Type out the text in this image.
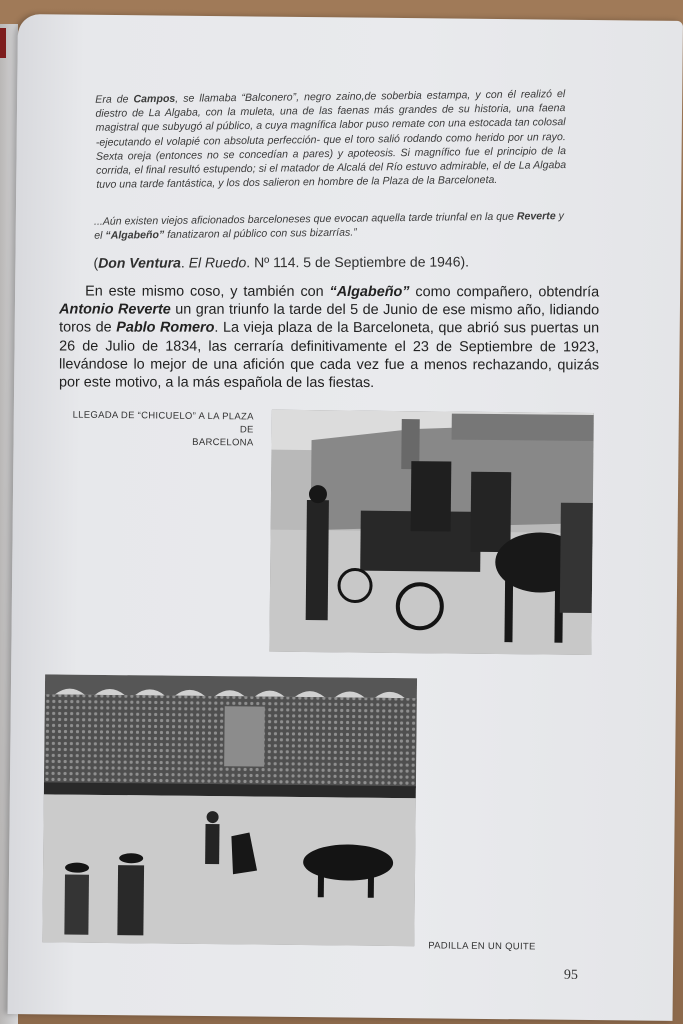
Era de Campos, se llamaba “Balconero”, negro zaino,de soberbia estampa, y con él realizó el diestro de La Algaba, con la muleta, una de las faenas más grandes de su historia, una faena magistral que subyugó al público, a cuya magnífica labor puso remate con una estocada tan colosal -ejecutando el volapié con absoluta perfección- que el toro salió rodando como herido por un rayo. Sexta oreja (entonces no se concedían a pares) y apoteosis. Si magnífico fue el principio de la corrida, el final resultó estupendo; si el matador de Alcalá del Río estuvo admirable, el de La Algaba tuvo una tarde fantástica, y los dos salieron en hombre de la Plaza de la Barceloneta.
...Aún existen viejos aficionados barceloneses que evocan aquella tarde triunfal en la que Reverte y el “Algabeño” fanatizaron al público con sus bizarrías.”
(Don Ventura. El Ruedo. Nº 114. 5 de Septiembre de 1946).
En este mismo coso, y también con “Algabeño” como compañero, obtendría Antonio Reverte un gran triunfo la tarde del 5 de Junio de ese mismo año, lidiando toros de Pablo Romero. La vieja plaza de la Barceloneta, que abrió sus puertas un 26 de Julio de 1834, las cerraría definitivamente el 23 de Septiembre de 1923, llevándose lo mejor de una afición que cada vez fue a menos rechazando, quizás por este motivo, a la más española de las fiestas.
LLEGADA DE “CHICUELO” A LA PLAZA DE
BARCELONA
PADILLA EN UN QUITE
95
